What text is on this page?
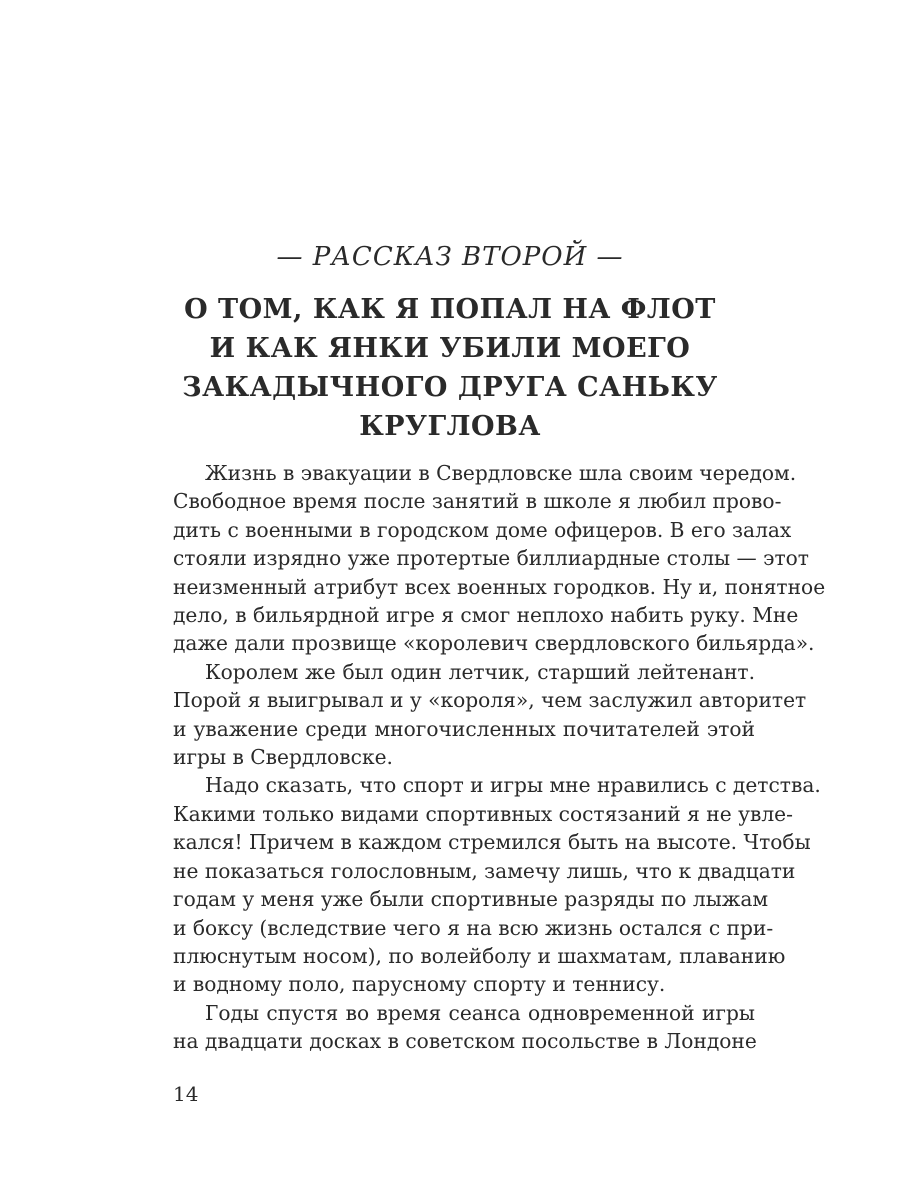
— РАССКАЗ ВТОРОЙ —
О ТОМ, КАК Я ПОПАЛ НА ФЛОТ
И КАК ЯНКИ УБИЛИ МОЕГО
ЗАКАДЫЧНОГО ДРУГА САНЬКУ
КРУГЛОВА
Жизнь в эвакуации в Свердловске шла своим чередом.
Свободное время после занятий в школе я любил прово-
дить с военными в городском доме офицеров. В его залах
стояли изрядно уже протертые биллиардные столы — этот
неизменный атрибут всех военных городков. Ну и, понятное
дело, в бильярдной игре я смог неплохо набить руку. Мне
даже дали прозвище «королевич свердловского бильярда».
Королем же был один летчик, старший лейтенант.
Порой я выигрывал и у «короля», чем заслужил авторитет
и уважение среди многочисленных почитателей этой
игры в Свердловске.
Надо сказать, что спорт и игры мне нравились с детства.
Какими только видами спортивных состязаний я не увле-
кался! Причем в каждом стремился быть на высоте. Чтобы
не показаться голословным, замечу лишь, что к двадцати
годам у меня уже были спортивные разряды по лыжам
и боксу (вследствие чего я на всю жизнь остался с при-
плюснутым носом), по волейболу и шахматам, плаванию
и водному поло, парусному спорту и теннису.
Годы спустя во время сеанса одновременной игры
на двадцати досках в советском посольстве в Лондоне
14
